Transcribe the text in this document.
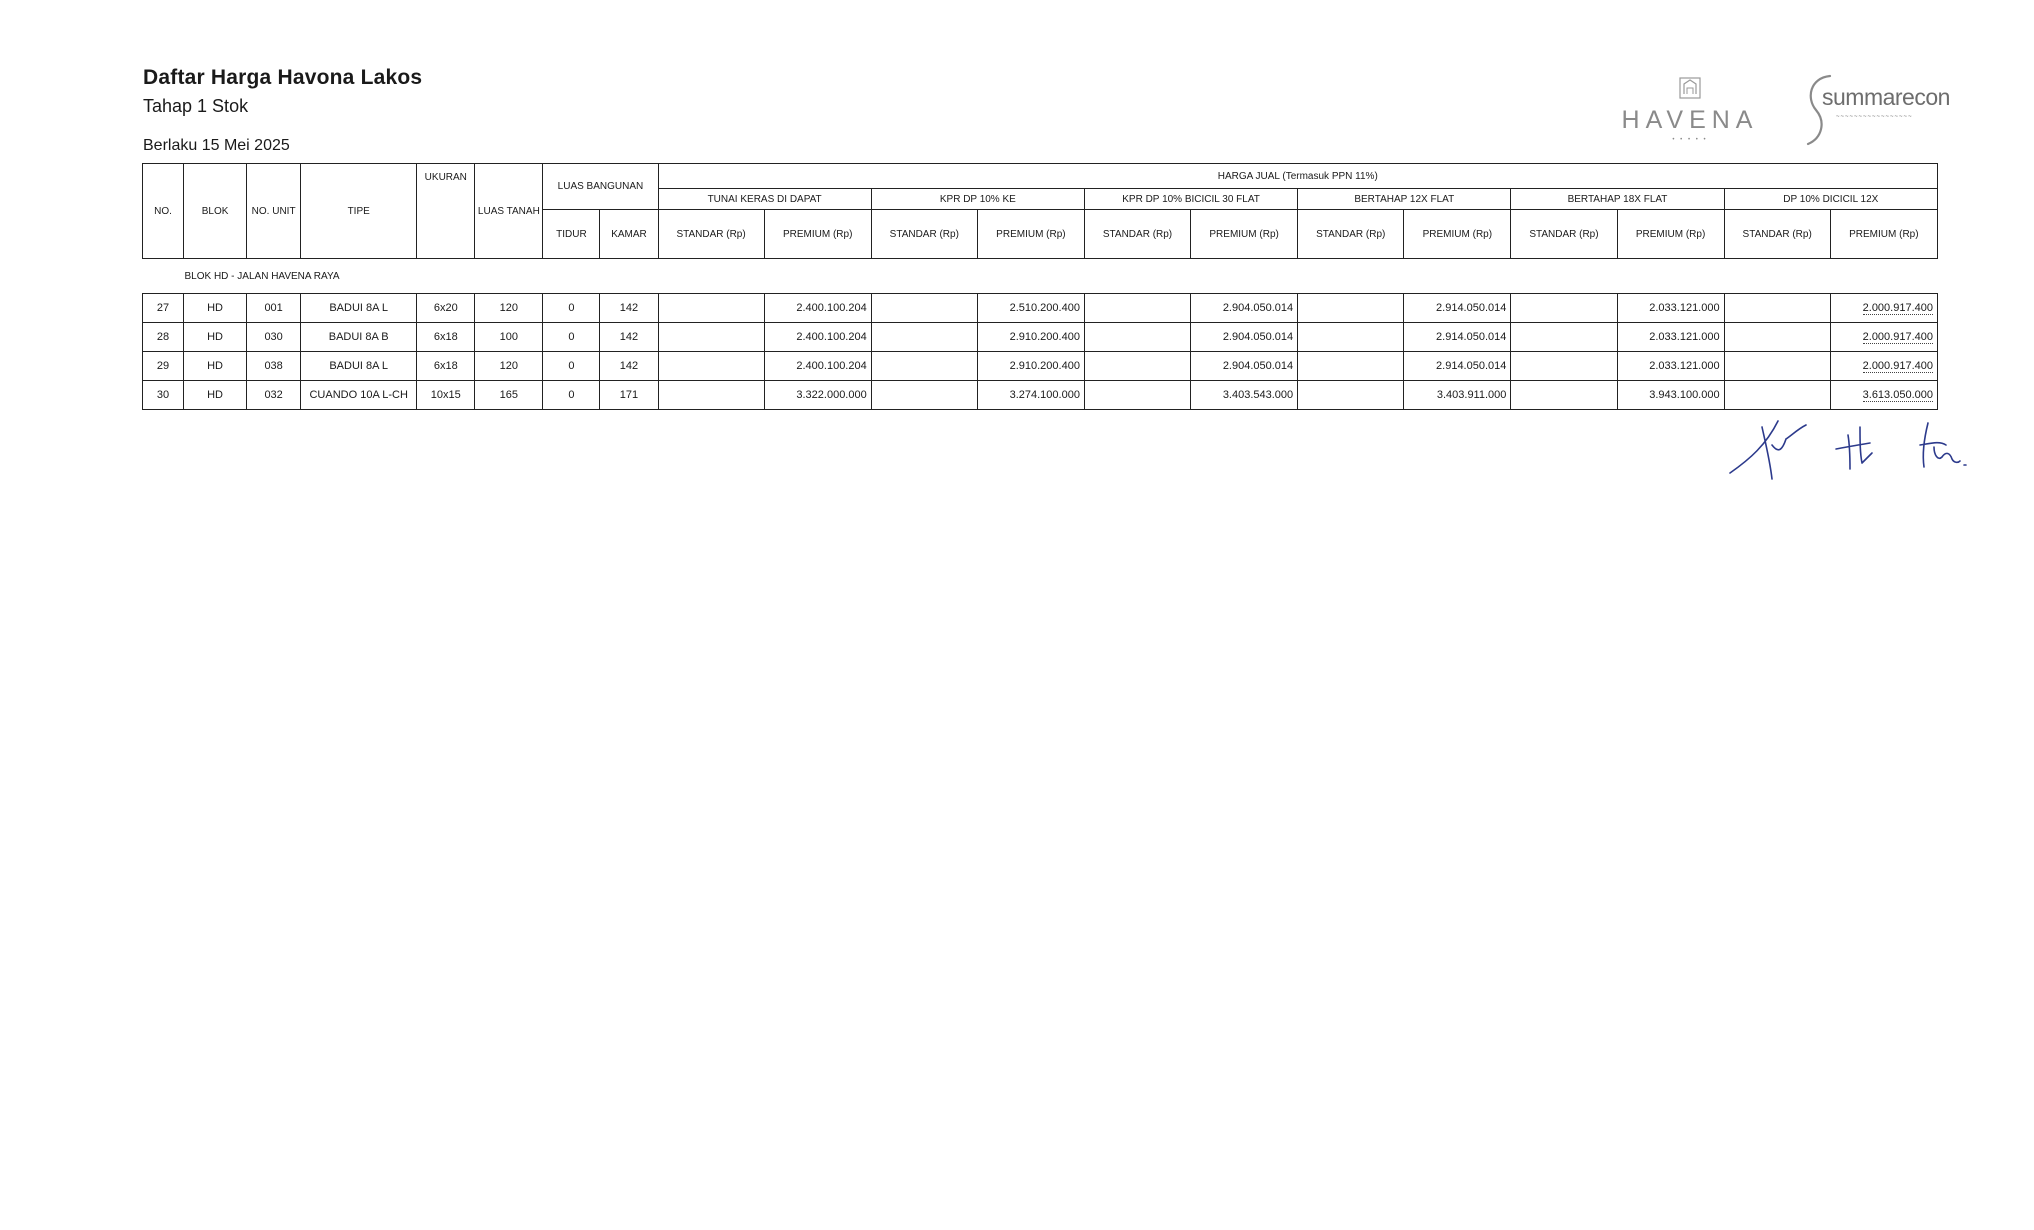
Daftar Harga Havona Lakos

Tahap 1 Stok

Berlaku 15 Mei 2025
HAVENA
• • • • •
summarecon
~~~~~~~~~~~~~~~~~
NO.	BLOK	NO. UNIT	TIPE	UKURAN	LUAS TANAH	LUAS BANGUNAN		HARGA JUAL (Termasuk PPN 11%)											
								TUNAI KERAS DI DAPAT		KPR DP 10% KE		KPR DP 10% BICICIL 30 FLAT		BERTAHAP 12X FLAT		BERTAHAP 18X FLAT		DP 10% DICICIL 12X	
						TIDUR	KAMAR	STANDAR (Rp)	PREMIUM (Rp)	STANDAR (Rp)	PREMIUM (Rp)	STANDAR (Rp)	PREMIUM (Rp)	STANDAR (Rp)	PREMIUM (Rp)	STANDAR (Rp)	PREMIUM (Rp)	STANDAR (Rp)	PREMIUM (Rp)

BLOK HD - JALAN HAVENA RAYA																			

27	HD	001	BADUI 8A L	6x20	120	0	142		2.400.100.204		2.510.200.400		2.904.050.014		2.914.050.014		2.033.121.000		2.000.917.400
28	HD	030	BADUI 8A B	6x18	100	0	142		2.400.100.204		2.910.200.400		2.904.050.014		2.914.050.014		2.033.121.000		2.000.917.400
29	HD	038	BADUI 8A L	6x18	120	0	142		2.400.100.204		2.910.200.400		2.904.050.014		2.914.050.014		2.033.121.000		2.000.917.400
30	HD	032	CUANDO 10A L-CH	10x15	165	0	171		3.322.000.000		3.274.100.000		3.403.543.000		3.403.911.000		3.943.100.000		3.613.050.000
